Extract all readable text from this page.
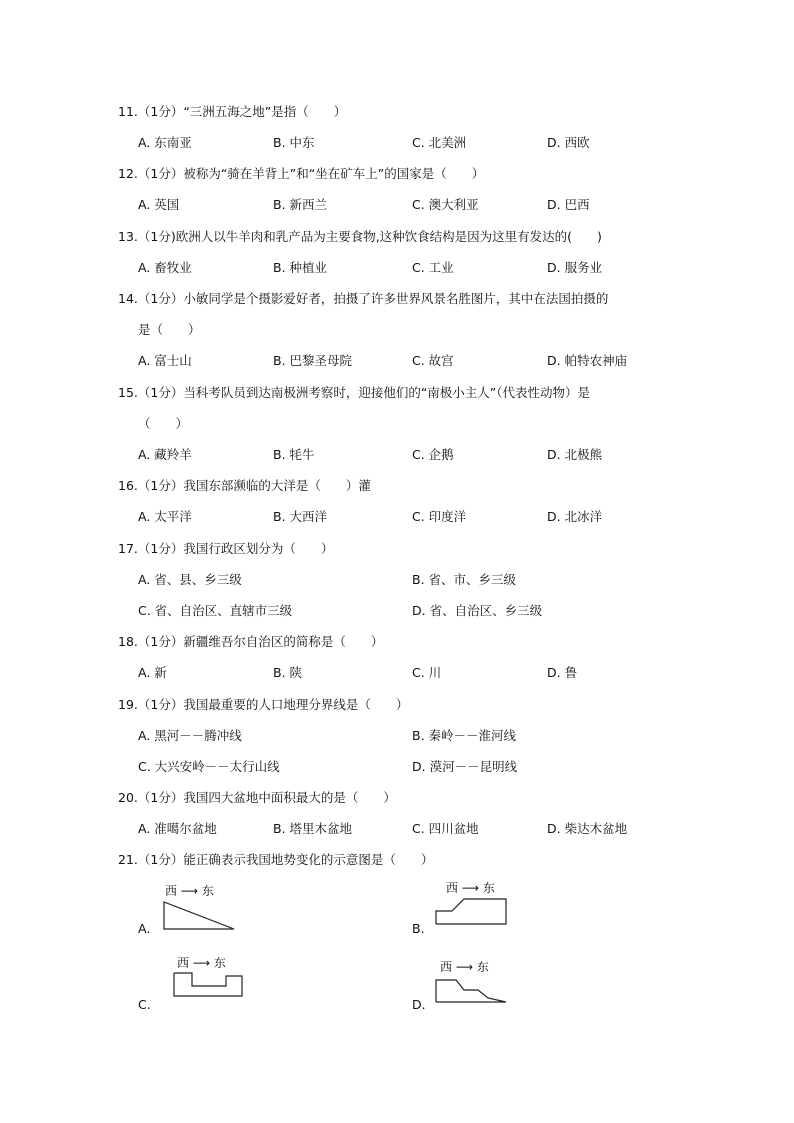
11.（1分）“三洲五海之地”是指（　　）
A. 东南亚	B. 中东	C. 北美洲	D. 西欧
12.（1分）被称为“骑在羊背上”和“坐在矿车上”的国家是（　　）
A. 英国	B. 新西兰	C. 澳大利亚	D. 巴西
13.（1分)欧洲人以牛羊肉和乳产品为主要食物,这种饮食结构是因为这里有发达的(　　)
A. 畜牧业	B. 种植业	C. 工业	D. 服务业
14.（1分）小敏同学是个摄影爱好者，拍摄了许多世界风景名胜图片，其中在法国拍摄的
是（　　）
A. 富士山	B. 巴黎圣母院	C. 故宫	D. 帕特农神庙
15.（1分）当科考队员到达南极洲考察时，迎接他们的“南极小主人”（代表性动物）是
（　　）
A. 藏羚羊	B. 牦牛	C. 企鹅	D. 北极熊
16.（1分）我国东部濒临的大洋是（　　）灌
A. 太平洋	B. 大西洋	C. 印度洋	D. 北冰洋
17.（1分）我国行政区划分为（　　）
A. 省、县、乡三级	B. 省、市、乡三级
C. 省、自治区、直辖市三级	D. 省、自治区、乡三级
18.（1分）新疆维吾尔自治区的简称是（　　）
A. 新	B. 陕	C. 川	D. 鲁
19.（1分）我国最重要的人口地理分界线是（　　）
A. 黑河－－腾冲线	B. 秦岭－－淮河线
C. 大兴安岭－－太行山线	D. 漠河－－昆明线
20.（1分）我国四大盆地中面积最大的是（　　）
A. 准噶尔盆地	B. 塔里木盆地	C. 四川盆地	D. 柴达木盆地
21.（1分）能正确表示我国地势变化的示意图是（　　）
A.
西 ⟶ 东
B.
西 ⟶ 东
C.
西 ⟶ 东
D.
西 ⟶ 东
